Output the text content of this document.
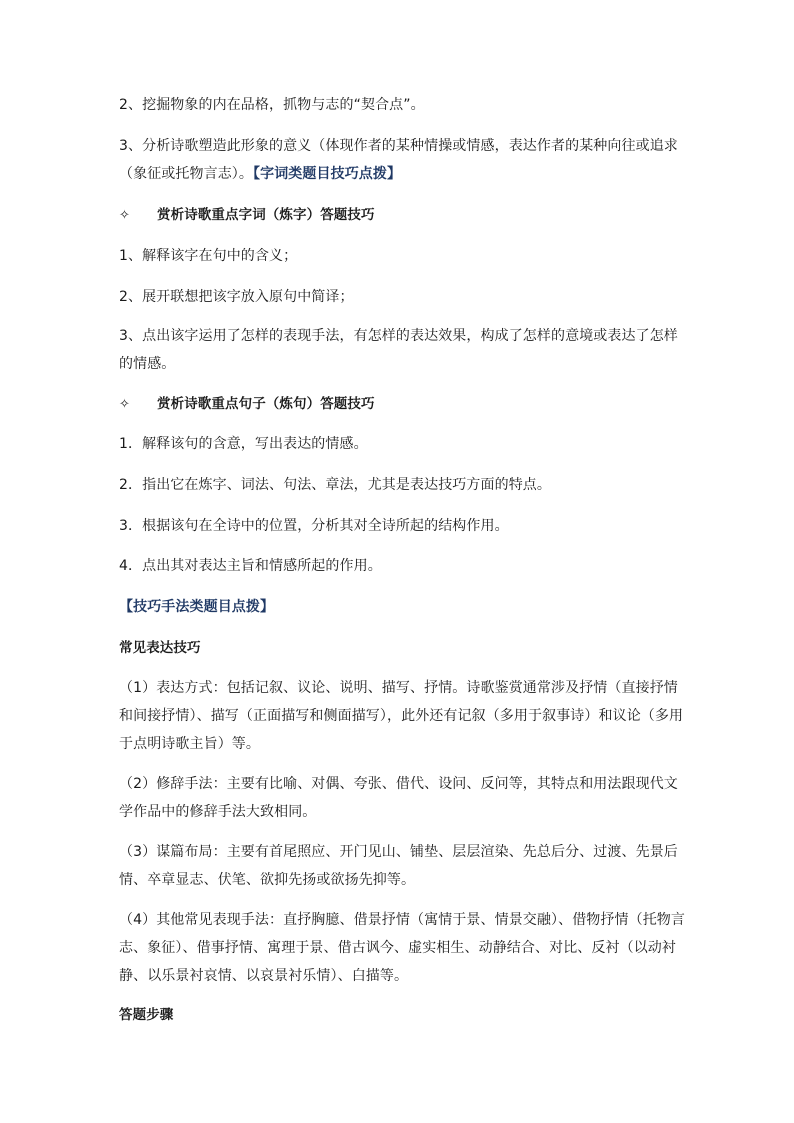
2、挖掘物象的内在品格，抓物与志的“契合点”。
3、分析诗歌塑造此形象的意义（体现作者的某种情操或情感，表达作者的某种向往或追求
（象征或托物言志）。【字词类题目技巧点拨】
✧ 赏析诗歌重点字词（炼字）答题技巧
1、解释该字在句中的含义；
2、展开联想把该字放入原句中简译；
3、点出该字运用了怎样的表现手法，有怎样的表达效果，构成了怎样的意境或表达了怎样
的情感。
✧ 赏析诗歌重点句子（炼句）答题技巧
1．解释该句的含意，写出表达的情感。
2．指出它在炼字、词法、句法、章法，尤其是表达技巧方面的特点。
3．根据该句在全诗中的位置，分析其对全诗所起的结构作用。
4．点出其对表达主旨和情感所起的作用。
【技巧手法类题目点拨】
常见表达技巧
（1）表达方式：包括记叙、议论、说明、描写、抒情。诗歌鉴赏通常涉及抒情（直接抒情
和间接抒情）、描写（正面描写和侧面描写），此外还有记叙（多用于叙事诗）和议论（多用
于点明诗歌主旨）等。
（2）修辞手法：主要有比喻、对偶、夸张、借代、设问、反问等，其特点和用法跟现代文
学作品中的修辞手法大致相同。
（3）谋篇布局：主要有首尾照应、开门见山、铺垫、层层渲染、先总后分、过渡、先景后
情、卒章显志、伏笔、欲抑先扬或欲扬先抑等。
（4）其他常见表现手法：直抒胸臆、借景抒情（寓情于景、情景交融）、借物抒情（托物言
志、象征）、借事抒情、寓理于景、借古讽今、虚实相生、动静结合、对比、反衬（以动衬
静、以乐景衬哀情、以哀景衬乐情）、白描等。
答题步骤
